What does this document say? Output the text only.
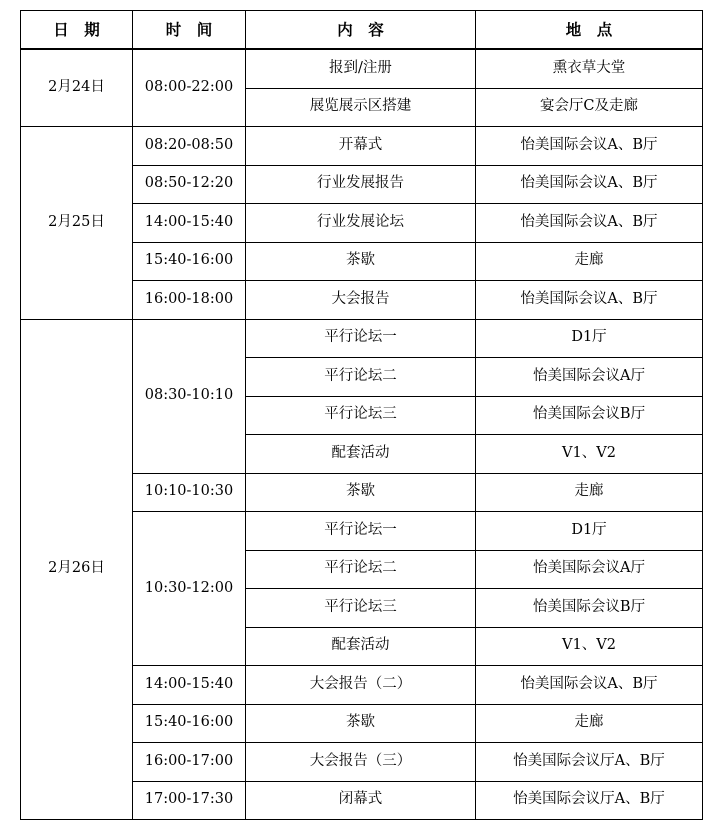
日　期	时　间	内　容	地　点
2月24日	08:00-22:00	报到/注册	熏衣草大堂
		展览展示区搭建	宴会厅C及走廊
2月25日	08:20-08:50	开幕式	怡美国际会议A、B厅
	08:50-12:20	行业发展报告	怡美国际会议A、B厅
	14:00-15:40	行业发展论坛	怡美国际会议A、B厅
	15:40-16:00	茶歇	走廊
	16:00-18:00	大会报告	怡美国际会议A、B厅
2月26日	08:30-10:10	平行论坛一	D1厅
		平行论坛二	怡美国际会议A厅
		平行论坛三	怡美国际会议B厅
		配套活动	V1、V2
	10:10-10:30	茶歇	走廊
	10:30-12:00	平行论坛一	D1厅
		平行论坛二	怡美国际会议A厅
		平行论坛三	怡美国际会议B厅
		配套活动	V1、V2
	14:00-15:40	大会报告（二）	怡美国际会议A、B厅
	15:40-16:00	茶歇	走廊
	16:00-17:00	大会报告（三）	怡美国际会议厅A、B厅
	17:00-17:30	闭幕式	怡美国际会议厅A、B厅
